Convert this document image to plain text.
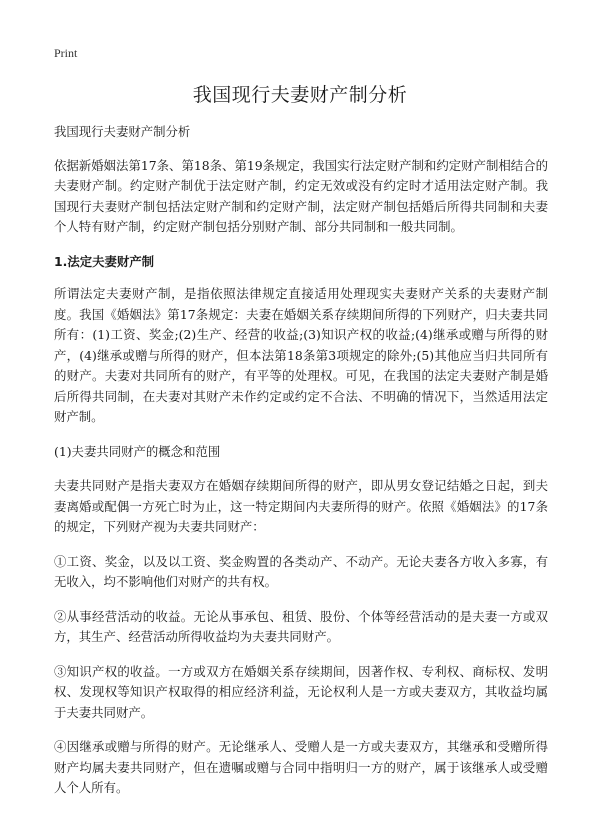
Print
我国现行夫妻财产制分析

我国现行夫妻财产制分析

依据新婚姻法第17条、第18条、第19条规定，我国实行法定财产制和约定财产制相结合的夫妻财产制。约定财产制优于法定财产制，约定无效或没有约定时才适用法定财产制。我国现行夫妻财产制包括法定财产制和约定财产制，法定财产制包括婚后所得共同制和夫妻个人特有财产制，约定财产制包括分别财产制、部分共同制和一般共同制。

1.法定夫妻财产制

所谓法定夫妻财产制，是指依照法律规定直接适用处理现实夫妻财产关系的夫妻财产制度。我国《婚姻法》第17条规定：夫妻在婚姻关系存续期间所得的下列财产，归夫妻共同所有：(1)工资、奖金;(2)生产、经营的收益;(3)知识产权的收益;(4)继承或赠与所得的财产，(4)继承或赠与所得的财产，但本法第18条第3项规定的除外;(5)其他应当归共同所有的财产。夫妻对共同所有的财产，有平等的处理权。可见，在我国的法定夫妻财产制是婚后所得共同制，在夫妻对其财产未作约定或约定不合法、不明确的情况下，当然适用法定财产制。

(1)夫妻共同财产的概念和范围

夫妻共同财产是指夫妻双方在婚姻存续期间所得的财产，即从男女登记结婚之日起，到夫妻离婚或配偶一方死亡时为止，这一特定期间内夫妻所得的财产。依照《婚姻法》的17条的规定，下列财产视为夫妻共同财产：

①工资、奖金，以及以工资、奖金购置的各类动产、不动产。无论夫妻各方收入多寡，有无收入，均不影响他们对财产的共有权。

②从事经营活动的收益。无论从事承包、租赁、股份、个体等经营活动的是夫妻一方或双方，其生产、经营活动所得收益均为夫妻共同财产。

③知识产权的收益。一方或双方在婚姻关系存续期间，因著作权、专利权、商标权、发明权、发现权等知识产权取得的相应经济利益，无论权利人是一方或夫妻双方，其收益均属于夫妻共同财产。

④因继承或赠与所得的财产。无论继承人、受赠人是一方或夫妻双方，其继承和受赠所得财产均属夫妻共同财产，但在遗嘱或赠与合同中指明归一方的财产，属于该继承人或受赠人个人所有。
